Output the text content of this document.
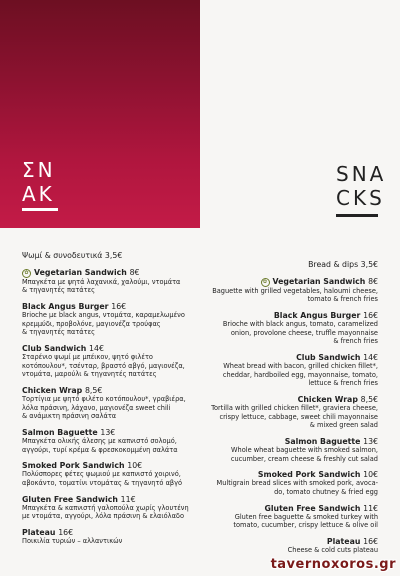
ΣΝ
ΑΚ
SNA
CKS
Ψωμί & συνοδευτικά 3,5€
✿ Vegetarian Sandwich 8€
Μπαγκέτα με ψητά λαχανικά, χαλούμι, ντομάτα
& τηγανητές πατάτες
Black Angus Burger 16€
Brioche με black angus, ντομάτα, καραμελωμένο
κρεμμύδι, προβολόνε, μαγιονέζα τρούφας
& τηγανητές πατάτες
Club Sandwich 14€
Σταρένιο ψωμί με μπέικον, ψητό φιλέτο
κοτόπουλου*, τσένταρ, βραστό αβγό, μαγιονέζα,
ντομάτα, μαρούλι & τηγανητές πατάτες
Chicken Wrap 8,5€
Τορτίγια με ψητό φιλέτο κοτόπουλου*, γραβιέρα,
λόλα πράσινη, λάχανο, μαγιονέζα sweet chili
& ανάμικτη πράσινη σαλάτα
Salmon Baguette 13€
Μπαγκέτα ολικής άλεσης με καπνιστό σολομό,
αγγούρι, τυρί κρέμα & φρεσκοκομμένη σαλάτα
Smoked Pork Sandwich 10€
Πολύσπορες φέτες ψωμιού με καπνιστό χοιρινό,
αβοκάντο, τοματίνι ντομάτας & τηγανητό αβγό
Gluten Free Sandwich 11€
Μπαγκέτα & καπνιστή γαλοπούλα χωρίς γλουτένη
με ντομάτα, αγγούρι, λόλα πράσινη & ελαιόλαδο
Plateau 16€
Ποικιλία τυριών – αλλαντικών
Bread & dips 3,5€
✿ Vegetarian Sandwich 8€
Baguette with grilled vegetables, haloumi cheese,
tomato & french fries
Black Angus Burger 16€
Brioche with black angus, tomato, caramelized
onion, provolone cheese, truffle mayonnaise
& french fries
Club Sandwich 14€
Wheat bread with bacon, grilled chicken fillet*,
cheddar, hardboiled egg, mayonnaise, tomato,
lettuce & french fries
Chicken Wrap 8,5€
Tortilla with grilled chicken fillet*, graviera cheese,
crispy lettuce, cabbage, sweet chili mayonnaise
& mixed green salad
Salmon Baguette 13€
Whole wheat baguette with smoked salmon,
cucumber, cream cheese & freshly cut salad
Smoked Pork Sandwich 10€
Multigrain bread slices with smoked pork, avoca-
do, tomato chutney & fried egg
Gluten Free Sandwich 11€
Gluten free baguette & smoked turkey with
tomato, cucumber, crispy lettuce & olive oil
Plateau 16€
Cheese & cold cuts plateau
tavernoxoros.gr
